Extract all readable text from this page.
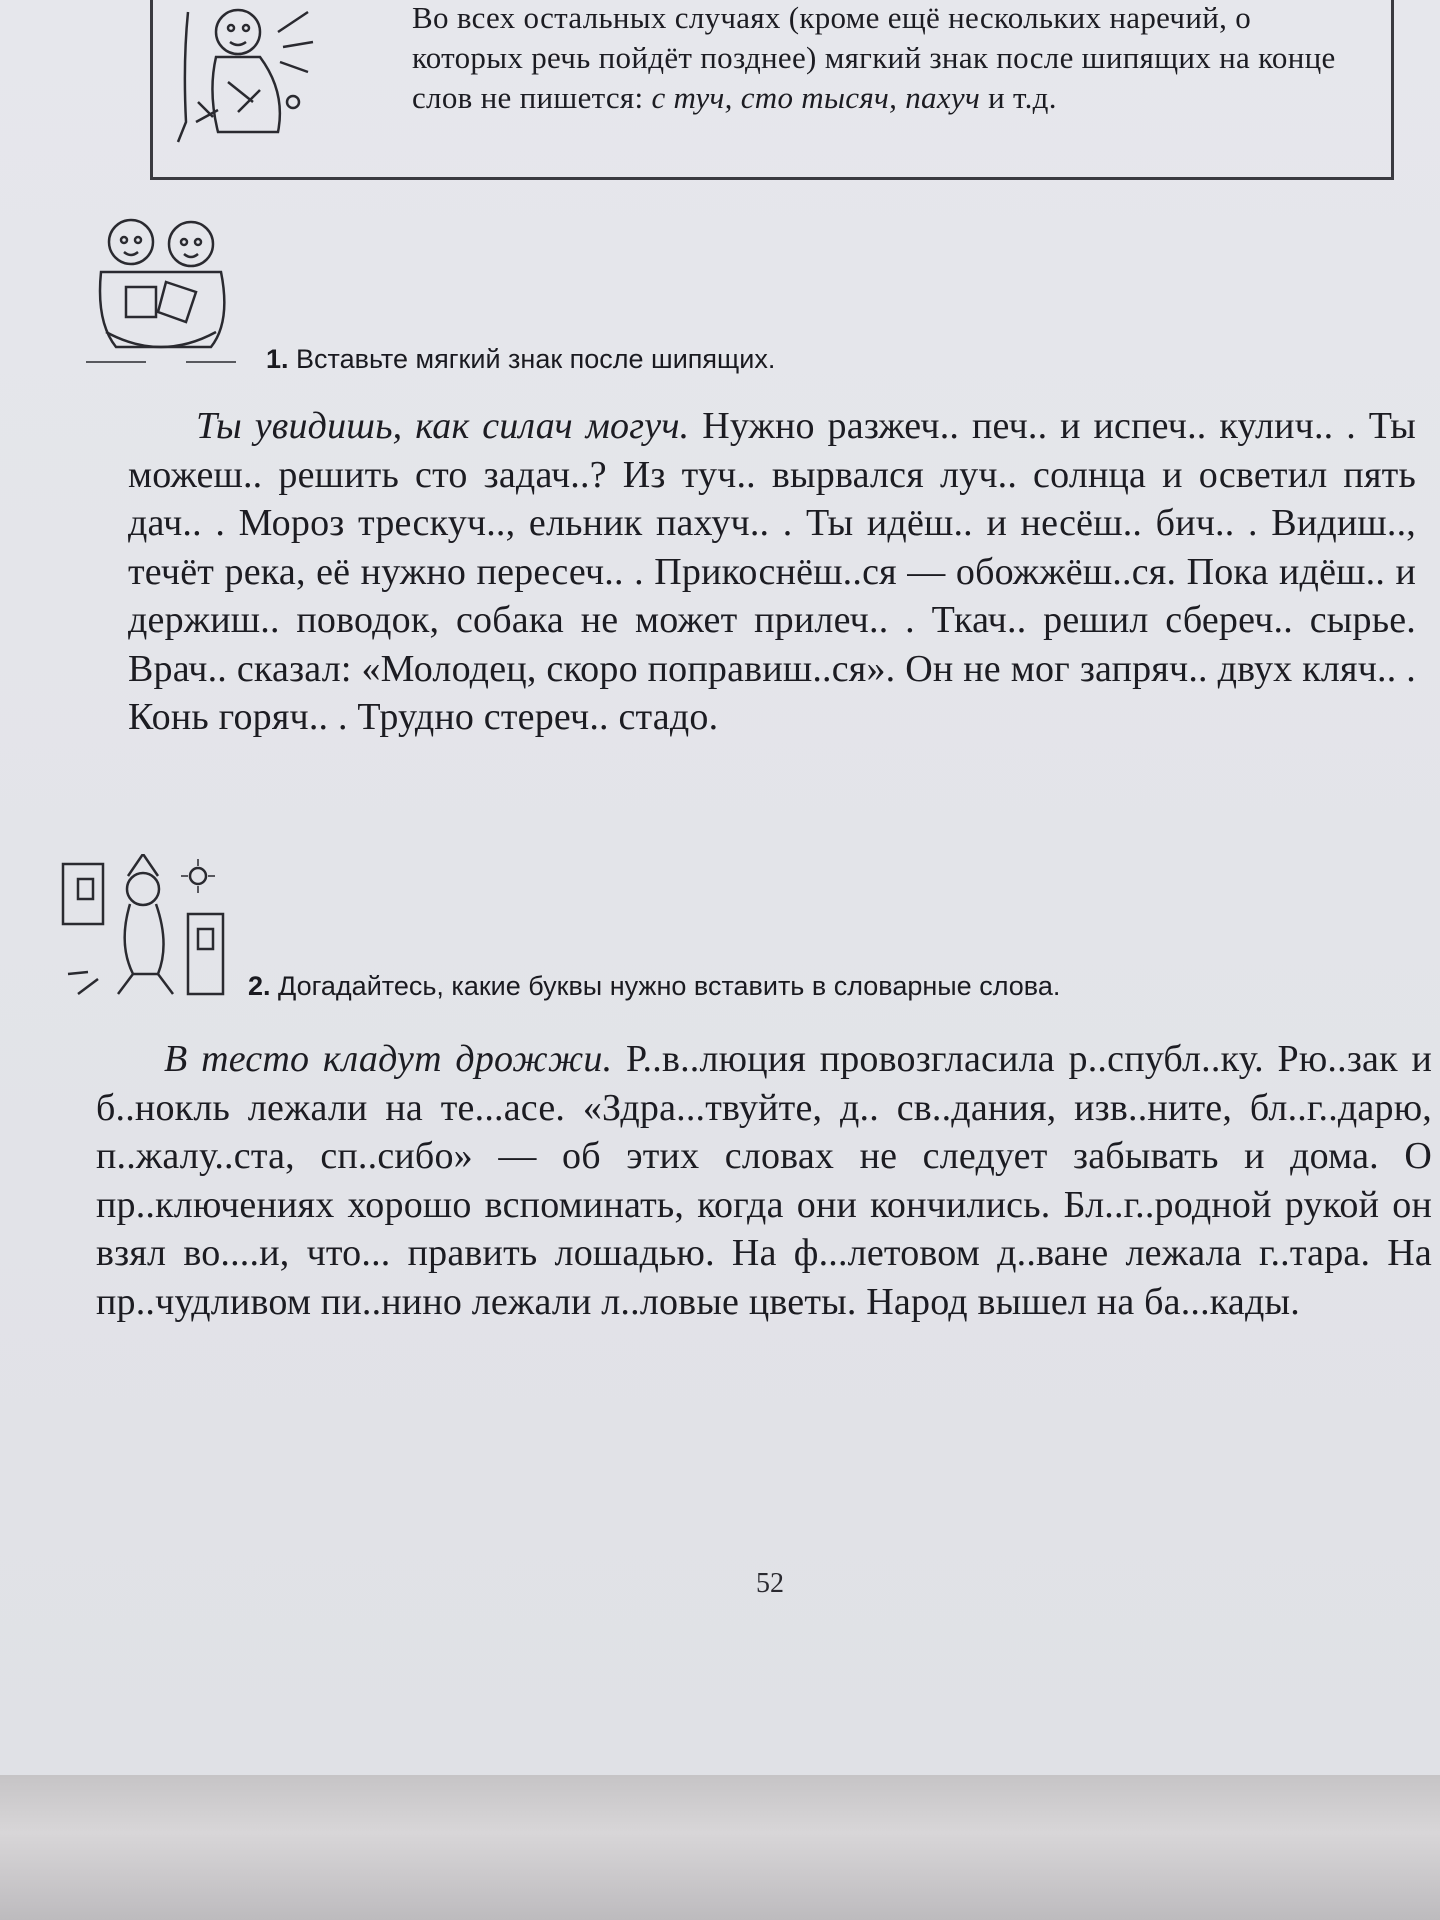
Во всех остальных случаях (кроме ещё нескольких наречий, о которых речь пойдёт позднее) мягкий знак после шипящих на конце слов не пишется: с туч, сто тысяч, пахуч и т.д.
1. Вставьте мягкий знак после шипящих.

Ты увидишь, как силач могуч. Нужно разжеч.. печ.. и испеч.. кулич.. . Ты можеш.. решить сто задач..? Из туч.. вырвался луч.. солнца и осветил пять дач.. . Мороз трескуч.., ельник пахуч.. . Ты идёш.. и несёш.. бич.. . Видиш.., течёт река, её нужно пересеч.. . Прикоснёш..ся — обожжёш..ся. Пока идёш.. и держиш.. поводок, собака не может прилеч.. . Ткач.. решил сбереч.. сырье. Врач.. сказал: «Молодец, скоро поправиш..ся». Он не мог запряч.. двух кляч.. . Конь горяч.. . Трудно стереч.. стадо.

2. Догадайтесь, какие буквы нужно вставить в словарные слова.

В тесто кладут дрожжи. Р..в..люция провозгласила р..спубл..ку. Рю..зак и б..нокль лежали на те...асе. «Здра...твуйте, д.. св..дания, изв..ните, бл..г..дарю, п..жалу..ста, сп..сибо» — об этих словах не следует забывать и дома. О пр..ключениях хорошо вспоминать, когда они кончились. Бл..г..родной рукой он взял во....и, что... править лошадью. На ф...летовом д..ване лежала г..тара. На пр..чудливом пи..нино лежали л..ловые цветы. Народ вышел на ба...кады.

52
